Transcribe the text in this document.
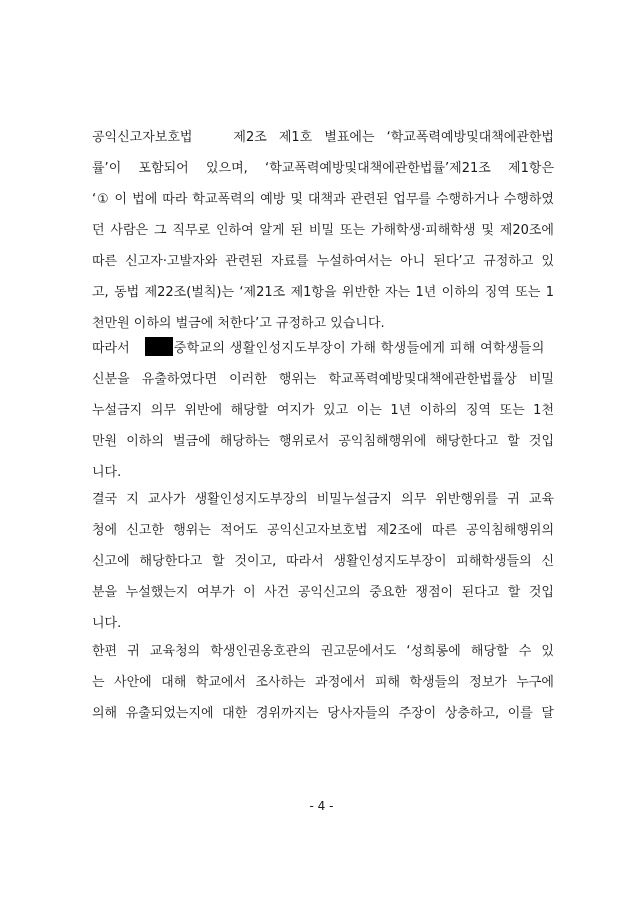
공익신고자보호법　 제2조 제1호 별표에는 ‘학교폭력예방및대책에관한법
률’이 포함되어 있으며, ‘학교폭력예방및대책에관한법률’제21조 제1항은
‘① 이 법에 따라 학교폭력의 예방 및 대책과 관련된 업무를 수행하거나 수행하였
던 사람은 그 직무로 인하여 알게 된 비밀 또는 가해학생·피해학생 및 제20조에
따른 신고자·고발자와 관련된 자료를 누설하여서는 아니 된다’고 규정하고 있
고, 동법 제22조(벌칙)는 ‘제21조 제1항을 위반한 자는 1년 이하의 징역 또는 1
천만원 이하의 벌금에 처한다’고 규정하고 있습니다.
따라서	중학교의 생활인성지도부장이 가해 학생들에게 피해 여학생들의
신분을 유출하였다면 이러한 행위는 학교폭력예방및대책에관한법률상 비밀
누설금지 의무 위반에 해당할 여지가 있고 이는 1년 이하의 징역 또는 1천
만원 이하의 벌금에 해당하는 행위로서 공익침해행위에 해당한다고 할 것입
니다.
결국 지 교사가 생활인성지도부장의 비밀누설금지 의무 위반행위를 귀 교육
청에 신고한 행위는 적어도 공익신고자보호법 제2조에 따른 공익침해행위의
신고에 해당한다고 할 것이고, 따라서 생활인성지도부장이 피해학생들의 신
분을 누설했는지 여부가 이 사건 공익신고의 중요한 쟁점이 된다고 할 것입
니다.
한편 귀 교육청의 학생인권옹호관의 권고문에서도 ‘성희롱에 해당할 수 있
는 사안에 대해 학교에서 조사하는 과정에서 피해 학생들의 정보가 누구에
의해 유출되었는지에 대한 경위까지는 당사자들의 주장이 상충하고, 이를 달
- 4 -
